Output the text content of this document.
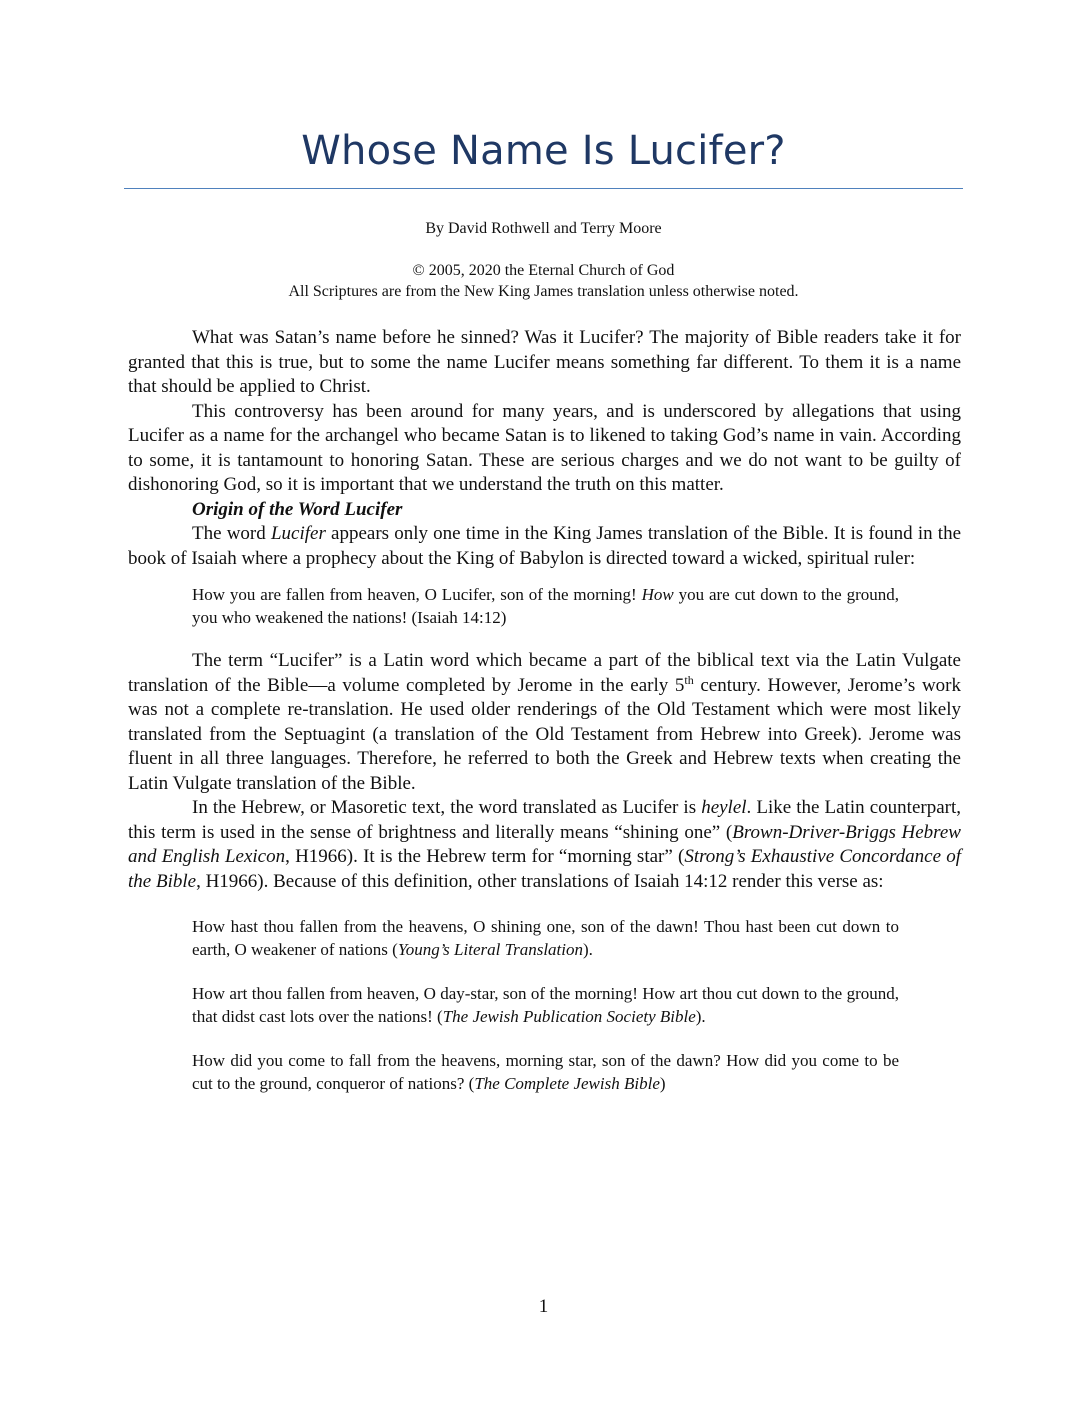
Whose Name Is Lucifer?
By David Rothwell and Terry Moore
© 2005, 2020 the Eternal Church of God
All Scriptures are from the New King James translation unless otherwise noted.

What was Satan’s name before he sinned? Was it Lucifer? The majority of Bible readers take it for granted that this is true, but to some the name Lucifer means something far different. To them it is a name that should be applied to Christ.

This controversy has been around for many years, and is underscored by allegations that using Lucifer as a name for the archangel who became Satan is to likened to taking God’s name in vain. According to some, it is tantamount to honoring Satan. These are serious charges and we do not want to be guilty of dishonoring God, so it is important that we understand the truth on this matter.

Origin of the Word Lucifer

The word Lucifer appears only one time in the King James translation of the Bible. It is found in the book of Isaiah where a prophecy about the King of Babylon is directed toward a wicked, spiritual ruler:

How you are fallen from heaven, O Lucifer, son of the morning! How you are cut down to the ground, you who weakened the nations! (Isaiah 14:12)

The term “Lucifer” is a Latin word which became a part of the biblical text via the Latin Vulgate translation of the Bible—a volume completed by Jerome in the early 5th century. However, Jerome’s work was not a complete re-translation. He used older renderings of the Old Testament which were most likely translated from the Septuagint (a translation of the Old Testament from Hebrew into Greek). Jerome was fluent in all three languages. Therefore, he referred to both the Greek and Hebrew texts when creating the Latin Vulgate translation of the Bible.

In the Hebrew, or Masoretic text, the word translated as Lucifer is heylel. Like the Latin counterpart, this term is used in the sense of brightness and literally means “shining one” (Brown-Driver-Briggs Hebrew and English Lexicon, H1966). It is the Hebrew term for “morning star” (Strong’s Exhaustive Concordance of the Bible, H1966). Because of this definition, other translations of Isaiah 14:12 render this verse as:

How hast thou fallen from the heavens, O shining one, son of the dawn! Thou hast been cut down to earth, O weakener of nations (Young’s Literal Translation).
How art thou fallen from heaven, O day-star, son of the morning! How art thou cut down to the ground, that didst cast lots over the nations! (The Jewish Publication Society Bible).
How did you come to fall from the heavens, morning star, son of the dawn? How did you come to be cut to the ground, conqueror of nations? (The Complete Jewish Bible)
1
